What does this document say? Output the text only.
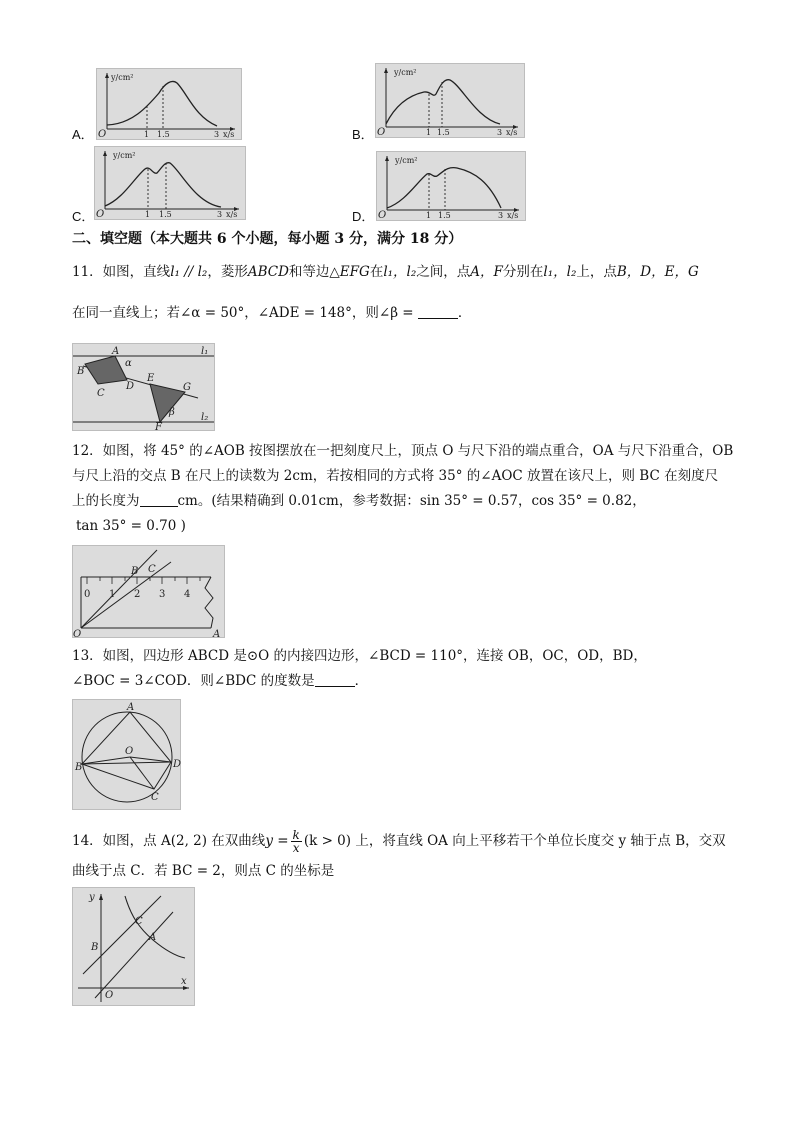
A．
y/cm²
O	1 1.5	3 x/s	B．
y/cm²
O	1 1.5	3 x/s
C．
y/cm²
O	1 1.5	3 x/s	D．
y/cm²
O	1 1.5	3 x/s
二、填空题（本大题共 6 个小题，每小题 3 分，满分 18 分）
11．如图，直线l₁ // l₂，菱形ABCD和等边△EFG在l₁，l₂之间，点A，F分别在l₁，l₂上，点B，D，E，G
在同一直线上；若∠α = 50°，∠ADE = 148°，则∠β =	．
A
α
B
D
C
E
G
β
F
l₁
l₂
12．如图，将 45° 的∠AOB 按图摆放在一把刻度尺上，顶点 O 与尺下沿的端点重合，OA 与尺下沿重合，OB
与尺上沿的交点 B 在尺上的读数为 2cm，若按相同的方式将 35° 的∠AOC 放置在该尺上，则 BC 在刻度尺
上的长度为	cm。(结果精确到 0.01cm，参考数据：sin 35° = 0.57，cos 35° = 0.82，
tan 35° = 0.70 )
0 1 2 3 4
B C
O	A
13．如图，四边形 ABCD 是⊙O 的内接四边形，∠BCD = 110°，连接 OB，OC，OD，BD，
∠BOC = 3∠COD．则∠BDC 的度数是	．
A
B
C
D
O
14．如图，点 A(2, 2) 在双曲线$y = \frac{k}{x} (k > 0)$ 上，将直线 OA 向上平移若干个单位长度交 y 轴于点 B，交双
曲线于点 C．若 BC = 2，则点 C 的坐标是
y
x
O
B
C
A
